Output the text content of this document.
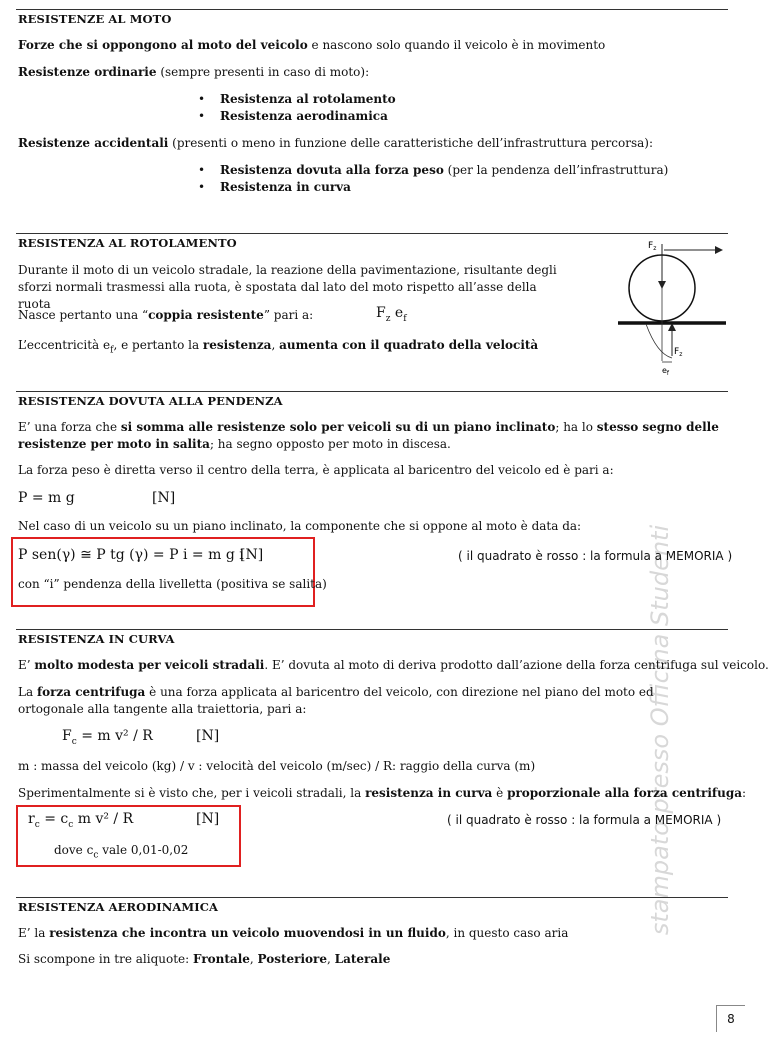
stampato presso Officina Studenti
RESISTENZE AL MOTO
Forze che si oppongono al moto del veicolo e nascono solo quando il veicolo è in movimento
Resistenze ordinarie (sempre presenti in caso di moto):
• Resistenza al rotolamento
• Resistenza aerodinamica
Resistenze accidentali (presenti o meno in funzione delle caratteristiche dell’infrastruttura percorsa):
• Resistenza dovuta alla forza peso (per la pendenza dell’infrastruttura)
• Resistenza in curva
RESISTENZA AL ROTOLAMENTO
Durante il moto di un veicolo stradale, la reazione della pavimentazione, risultante degli sforzi normali trasmessi alla ruota, è spostata dal lato del moto rispetto all’asse della ruota
Nasce pertanto una “coppia resistente” pari a:	$F_z$ $e_f$
L’eccentricità $e_f$, e pertanto la resistenza, aumenta con il quadrato della velocità
$F_z$
$F_z$
$e_f$
RESISTENZA DOVUTA ALLA PENDENZA
E’ una forza che si somma alle resistenze solo per veicoli su di un piano inclinato; ha lo stesso segno delle resistenze per moto in salita; ha segno opposto per moto in discesa.
La forza peso è diretta verso il centro della terra, è applicata al baricentro del veicolo ed è pari a:
P = m g	[N]
Nel caso di un veicolo su un piano inclinato, la componente che si oppone al moto è data da:
P sen(γ) ≅ P tg (γ) = P i = m g i
[N]	( il quadrato è rosso : la formula a MEMORIA )
con “i” pendenza della livelletta (positiva se salita)
RESISTENZA IN CURVA
E’ molto modesta per veicoli stradali. E’ dovuta al moto di deriva prodotto dall’azione della forza centrifuga sul veicolo.
La forza centrifuga è una forza applicata al baricentro del veicolo, con direzione nel piano del moto ed ortogonale alla tangente alla traiettoria, pari a:
$F_c = m$ v² / R	[N]
m : massa del veicolo (kg) / v : velocità del veicolo (m/sec) / R: raggio della curva (m)
Sperimentalmente si è visto che, per i veicoli stradali, la resistenza in curva è proporzionale alla forza centrifuga:
$r_c = c_c$ m v² / R	[N]	( il quadrato è rosso : la formula a MEMORIA )
dove $c_c$ vale 0,01-0,02
RESISTENZA AERODINAMICA
E’ la resistenza che incontra un veicolo muovendosi in un fluido, in questo caso aria
Si scompone in tre aliquote: Frontale, Posteriore, Laterale
8
